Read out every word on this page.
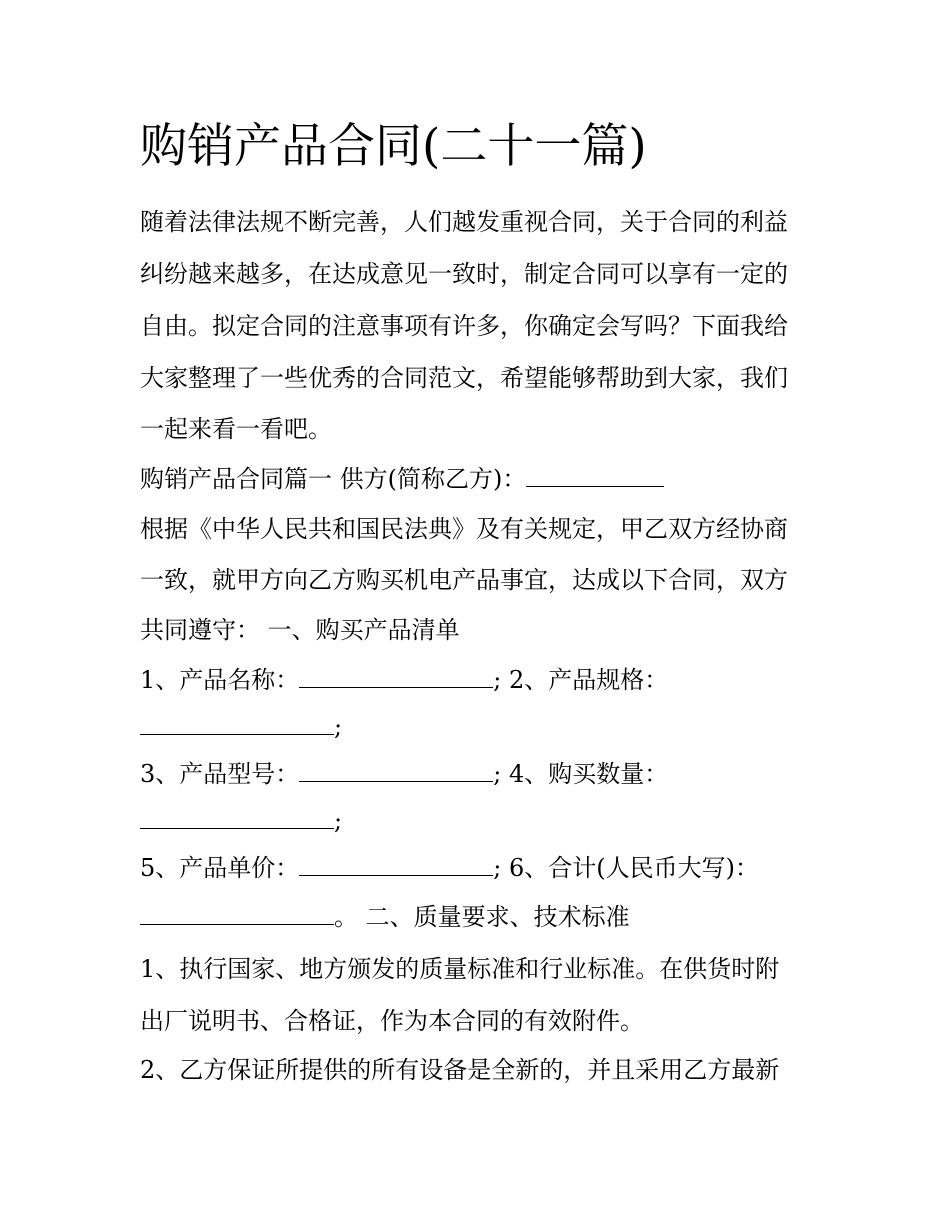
购销产品合同(二十一篇)

随着法律法规不断完善，人们越发重视合同，关于合同的利益

纠纷越来越多，在达成意见一致时，制定合同可以享有一定的

自由。拟定合同的注意事项有许多，你确定会写吗？下面我给

大家整理了一些优秀的合同范文，希望能够帮助到大家，我们

一起来看一看吧。

购销产品合同篇一 供方(简称乙方)：

根据《中华人民共和国民法典》及有关规定，甲乙双方经协商

一致，就甲方向乙方购买机电产品事宜，达成以下合同，双方

共同遵守： 一、购买产品清单

1、产品名称：	; 2、产品规格：

;

3、产品型号：	; 4、购买数量：

;

5、产品单价：	; 6、合计(人民币大写)：

。 二、质量要求、技术标准

1、执行国家、地方颁发的质量标准和行业标准。在供货时附

出厂说明书、合格证，作为本合同的有效附件。

2、乙方保证所提供的所有设备是全新的，并且采用乙方最新
